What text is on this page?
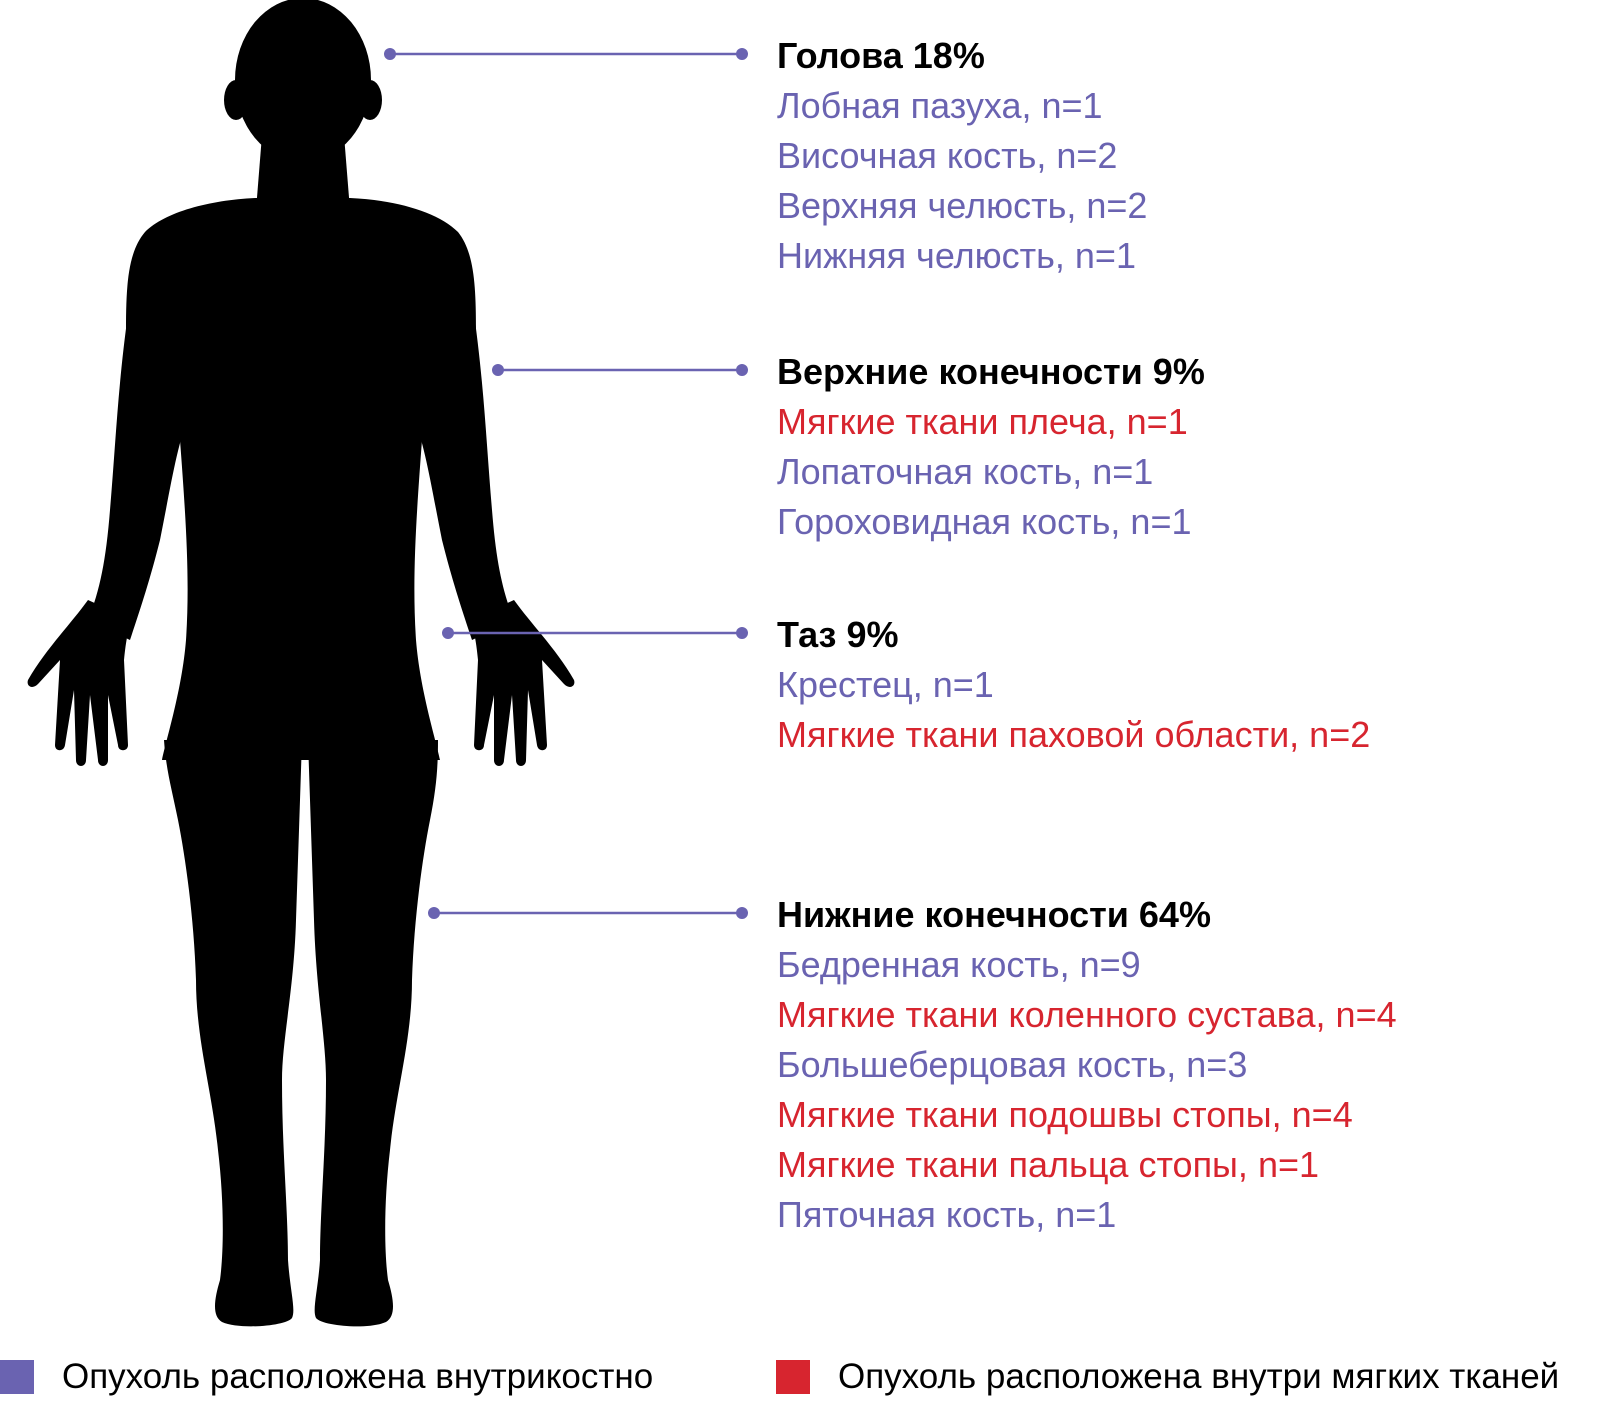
Голова 18%
Лобная пазуха, n=1
Височная кость, n=2
Верхняя челюсть, n=2
Нижняя челюсть, n=1
Верхние конечности 9%
Мягкие ткани плеча, n=1
Лопаточная кость, n=1
Гороховидная кость, n=1
Таз 9%
Крестец, n=1
Мягкие ткани паховой области, n=2
Нижние конечности 64%
Бедренная кость, n=9
Мягкие ткани коленного сустава, n=4
Большеберцовая кость, n=3
Мягкие ткани подошвы стопы, n=4
Мягкие ткани пальца стопы, n=1
Пяточная кость, n=1
Опухоль расположена внутрикостно	Опухоль расположена внутри мягких тканей
